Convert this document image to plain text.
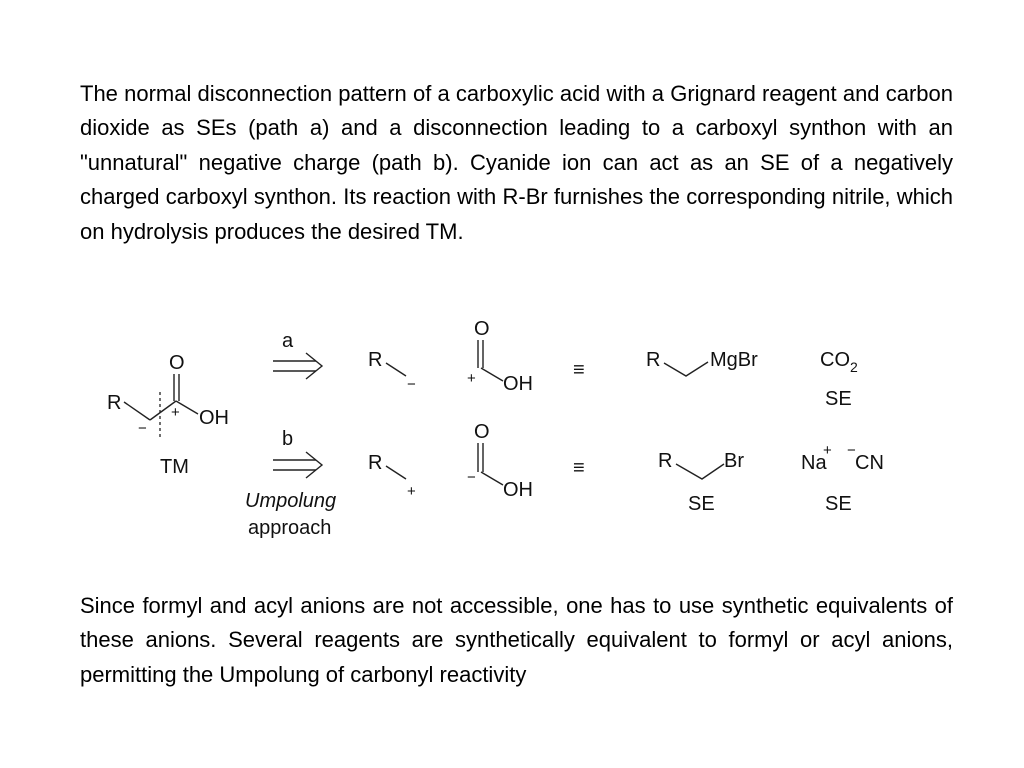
The normal disconnection pattern of a carboxylic acid with a Grignard reagent and carbon dioxide as SEs (path a) and a disconnection leading to a carboxyl synthon with an "unnatural" negative charge (path b). Cyanide ion can act as an SE of a negatively charged carboxyl synthon. Its reaction with R-Br furnishes the corresponding nitrile, which on hydrolysis produces the desired TM.

R
O
OH
−
+
TM
a
R
−
O
+ OH
≡	R MgBr	$CO_2$
SE
b
Umpolung
approach
R
+
O
−
OH
≡	R	Br
SE
Na
+ −
CN
SE

Since formyl and acyl anions are not accessible, one has to use synthetic equivalents of these anions. Several reagents are synthetically equivalent to formyl or acyl anions, permitting the Umpolung of carbonyl reactivity
